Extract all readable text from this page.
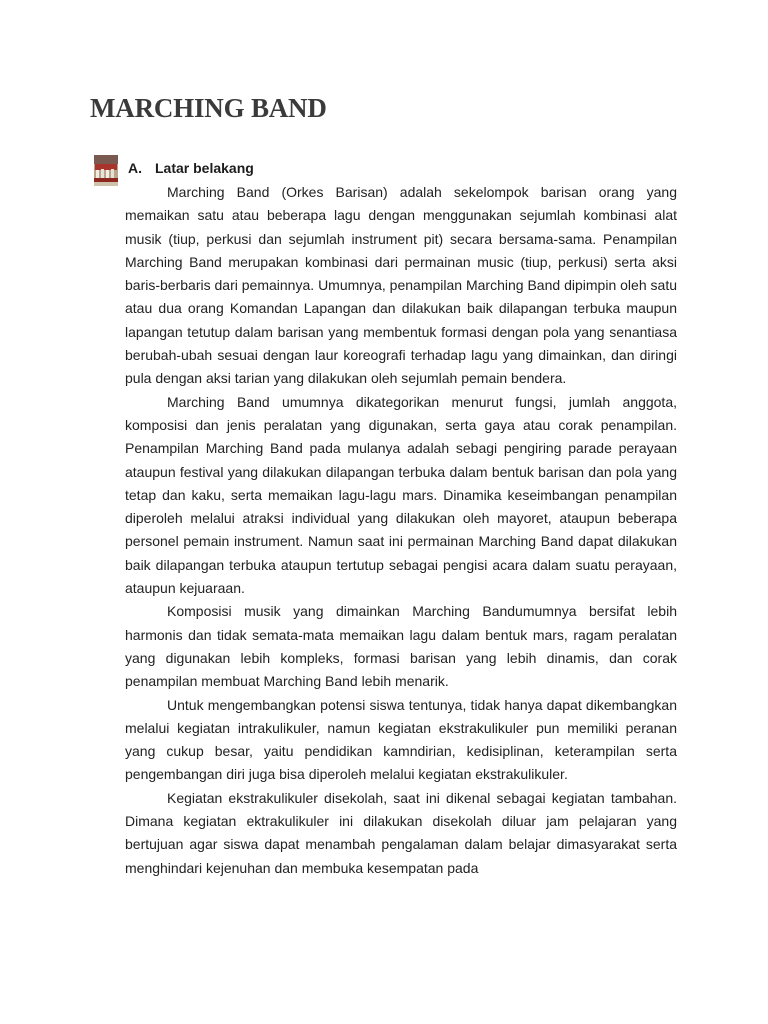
MARCHING BAND
A. Latar belakang

Marching Band (Orkes Barisan) adalah sekelompok barisan orang yang memaikan satu atau beberapa lagu dengan menggunakan sejumlah kombinasi alat musik (tiup, perkusi dan sejumlah instrument pit) secara bersama-sama. Penampilan Marching Band merupakan kombinasi dari permainan music (tiup, perkusi) serta aksi baris-berbaris dari pemainnya. Umumnya, penampilan Marching Band dipimpin oleh satu atau dua orang Komandan Lapangan dan dilakukan baik dilapangan terbuka maupun lapangan tetutup dalam barisan yang membentuk formasi dengan pola yang senantiasa berubah-ubah sesuai dengan laur koreografi terhadap lagu yang dimainkan, dan diringi pula dengan aksi tarian yang dilakukan oleh sejumlah pemain bendera.

Marching Band umumnya dikategorikan menurut fungsi, jumlah anggota, komposisi dan jenis peralatan yang digunakan, serta gaya atau corak penampilan. Penampilan Marching Band pada mulanya adalah sebagi pengiring parade perayaan ataupun festival yang dilakukan dilapangan terbuka dalam bentuk barisan dan pola yang tetap dan kaku, serta memaikan lagu-lagu mars. Dinamika keseimbangan penampilan diperoleh melalui atraksi individual yang dilakukan oleh mayoret, ataupun beberapa personel pemain instrument. Namun saat ini permainan Marching Band dapat dilakukan baik dilapangan terbuka ataupun tertutup sebagai pengisi acara dalam suatu perayaan, ataupun kejuaraan.

Komposisi musik yang dimainkan Marching Bandumumnya bersifat lebih harmonis dan tidak semata-mata memaikan lagu dalam bentuk mars, ragam peralatan yang digunakan lebih kompleks, formasi barisan yang lebih dinamis, dan corak penampilan membuat Marching Band lebih menarik.

Untuk mengembangkan potensi siswa tentunya, tidak hanya dapat dikembangkan melalui kegiatan intrakulikuler, namun kegiatan ekstrakulikuler pun memiliki peranan yang cukup besar, yaitu pendidikan kamndirian, kedisiplinan, keterampilan serta pengembangan diri juga bisa diperoleh melalui kegiatan ekstrakulikuler.

Kegiatan ekstrakulikuler disekolah, saat ini dikenal sebagai kegiatan tambahan. Dimana kegiatan ektrakulikuler ini dilakukan disekolah diluar jam pelajaran yang bertujuan agar siswa dapat menambah pengalaman dalam belajar dimasyarakat serta menghindari kejenuhan dan membuka kesempatan pada
